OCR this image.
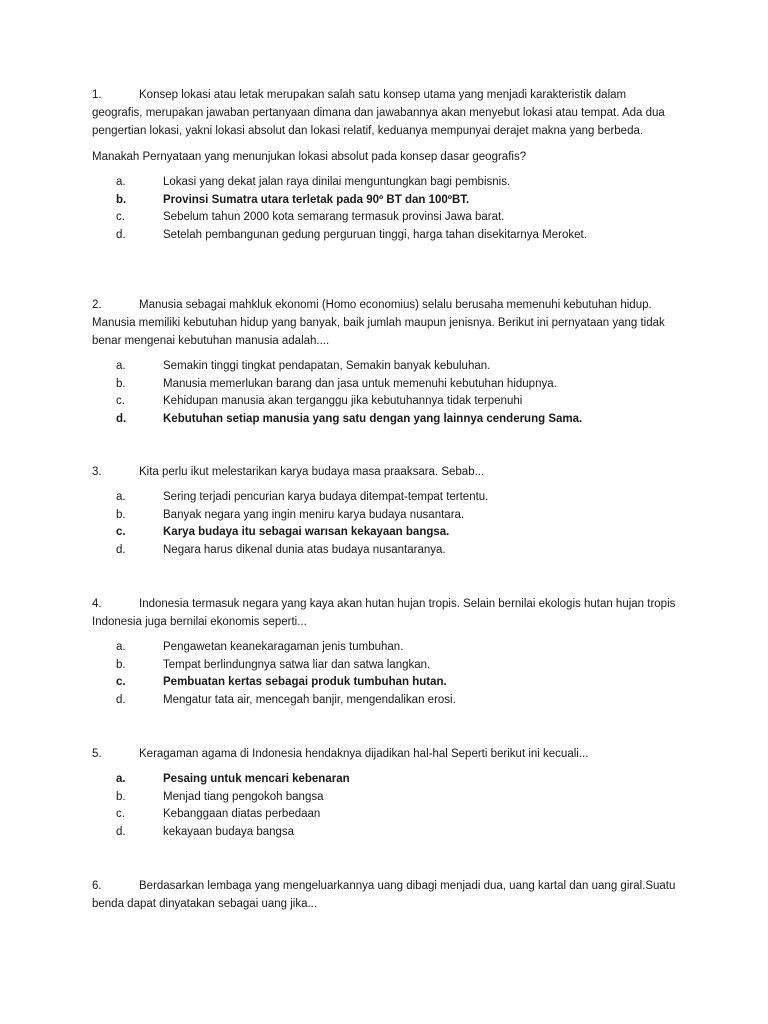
1.	Konsep lokasi atau letak merupakan salah satu konsep utama yang menjadi karakteristik dalam geografis, merupakan jawaban pertanyaan dimana dan jawabannya akan menyebut lokasi atau tempat. Ada dua pengertian lokasi, yakni lokasi absolut dan lokasi relatif, keduanya mempunyai derajet makna yang berbeda.

Manakah Pernyataan yang menunjukan lokasi absolut pada konsep dasar geografis?

a.	Lokasi yang dekat jalan raya dinilai menguntungkan bagi pembisnis.
b.	Provinsi Sumatra utara terletak pada 90º BT dan 100ºBT.
c.	Sebelum tahun 2000 kota semarang termasuk provinsi Jawa barat.
d.	Setelah pembangunan gedung perguruan tinggi, harga tahan disekitarnya Meroket.

2.	Manusia sebagai mahkluk ekonomi (Homo economius) selalu berusaha memenuhi kebutuhan hidup. Manusia memiliki kebutuhan hidup yang banyak, baik jumlah maupun jenisnya. Berikut ini pernyataan yang tidak benar mengenai kebutuhan manusia adalah....

a.	Semakin tinggi tingkat pendapatan, Semakin banyak kebuluhan.
b.	Manusia memerlukan barang dan jasa untuk memenuhi kebutuhan hidupnya.
c.	Kehidupan manusia akan terganggu jika kebutuhannya tidak terpenuhi
d.	Kebutuhan setiap manusia yang satu dengan yang lainnya cenderung Sama.

3.	Kita perlu ikut melestarikan karya budaya masa praaksara. Sebab...

a.	Sering terjadi pencurian karya budaya ditempat-tempat tertentu.
b.	Banyak negara yang ingin meniru karya budaya nusantara.
c.	Karya budaya itu sebagai warısan kekayaan bangsa.
d.	Negara harus dikenal dunia atas budaya nusantaranya.

4.	Indonesia termasuk negara yang kaya akan hutan hujan tropis. Selain bernilai ekologis hutan hujan tropis Indonesia juga bernilai ekonomis seperti...

a.	Pengawetan keanekaragaman jenis tumbuhan.
b.	Tempat berlindungnya satwa liar dan satwa langkan.
c.	Pembuatan kertas sebagai produk tumbuhan hutan.
d.	Mengatur tata air, mencegah banjir, mengendalikan erosi.

5.	Keragaman agama di Indonesia hendaknya dijadikan hal-hal Seperti berikut ini kecuali...

a.	Pesaing untuk mencari kebenaran
b.	Menjad tiang pengokoh bangsa
c.	Kebanggaan diatas perbedaan
d.	kekayaan budaya bangsa

6.	Berdasarkan lembaga yang mengeluarkannya uang dibagi menjadi dua, uang kartal dan uang giral.Suatu benda dapat dinyatakan sebagai uang jika...
